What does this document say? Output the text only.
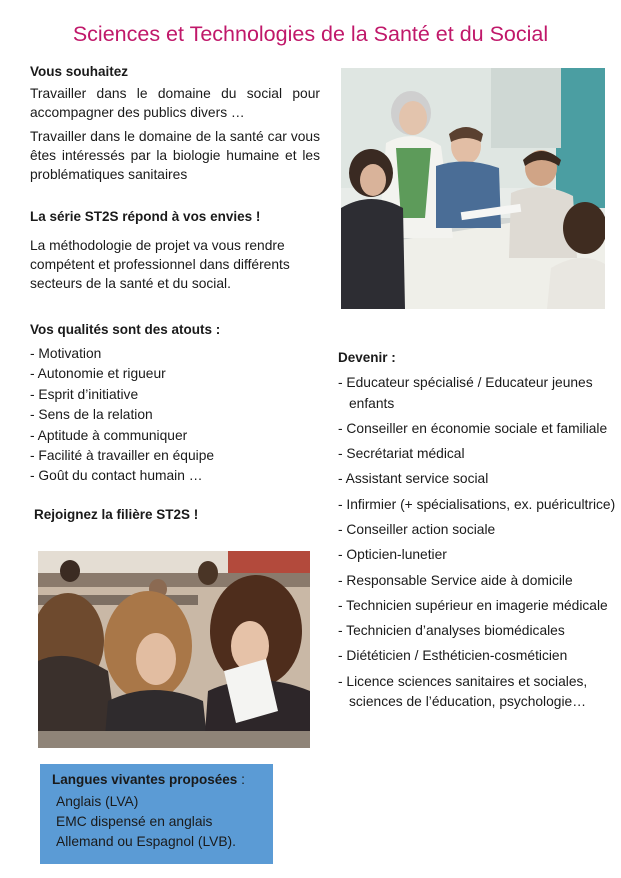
Sciences et Technologies de la Santé et du Social

Vous souhaitez

Travailler dans le domaine du social pour accompagner des publics divers …

Travailler dans le domaine de la santé car vous êtes intéressés par la biologie humaine et les problématiques sanitaires

La série ST2S répond à vos envies !

La méthodologie de projet va vous rendre compétent et professionnel dans différents secteurs de la santé et du social.

Vos qualités sont des atouts :

- Motivation
- Autonomie et rigueur
- Esprit d’initiative
- Sens de la relation
- Aptitude à communiquer
- Facilité à travailler en équipe
- Goût du contact humain …

Rejoignez la filière ST2S !

Devenir :

- Educateur spécialisé / Educateur jeunes enfants
- Conseiller en économie sociale et familiale
- Secrétariat médical
- Assistant service social
- Infirmier (+ spécialisations, ex. puéricultrice)
- Conseiller action sociale
- Opticien-lunetier
- Responsable Service aide à domicile
- Technicien supérieur en imagerie médicale
- Technicien d’analyses biomédicales
- Diététicien / Esthéticien-cosméticien
- Licence sciences sanitaires et sociales, sciences de l’éducation, psychologie…
Langues vivantes proposées :
Anglais (LVA)
EMC dispensé en anglais
Allemand ou Espagnol (LVB).
